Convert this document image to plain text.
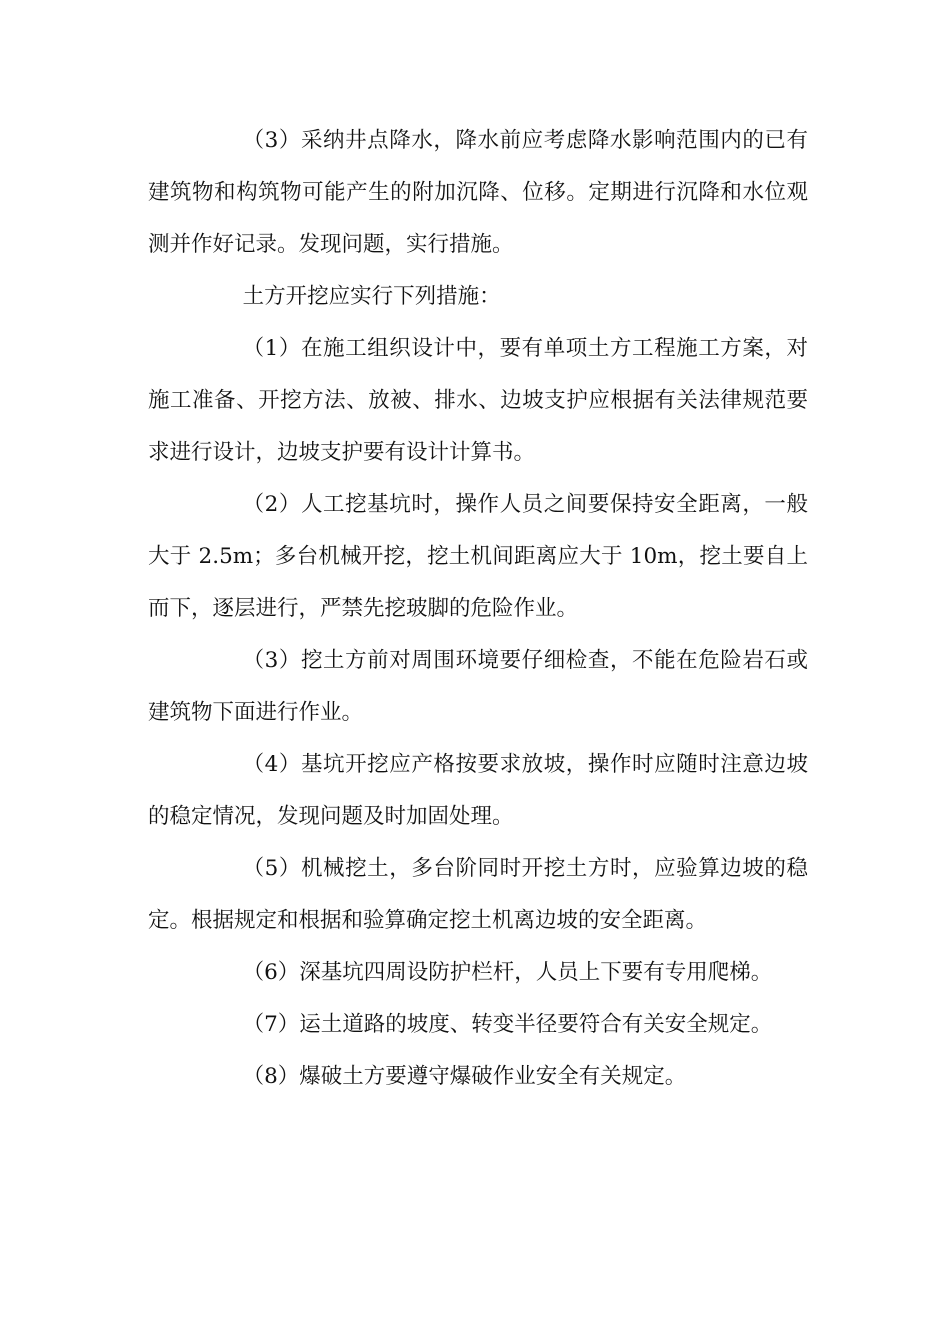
（3）采纳井点降水，降水前应考虑降水影响范围内的已有建筑物和构筑物可能产生的附加沉降、位移。定期进行沉降和水位观测并作好记录。发现问题，实行措施。

土方开挖应实行下列措施：

（1）在施工组织设计中，要有单项土方工程施工方案，对施工准备、开挖方法、放被、排水、边坡支护应根据有关法律规范要求进行设计，边坡支护要有设计计算书。

（2）人工挖基坑时，操作人员之间要保持安全距离，一般大于 2.5m；多台机械开挖，挖土机间距离应大于 10m，挖土要自上而下，逐层进行，严禁先挖玻脚的危险作业。

（3）挖土方前对周围环境要仔细检查，不能在危险岩石或建筑物下面进行作业。

（4）基坑开挖应产格按要求放坡，操作时应随时注意边坡的稳定情况，发现问题及时加固处理。

（5）机械挖土，多台阶同时开挖土方时，应验算边坡的稳定。根据规定和根据和验算确定挖土机离边坡的安全距离。

（6）深基坑四周设防护栏杆，人员上下要有专用爬梯。

（7）运土道路的坡度、转变半径要符合有关安全规定。

（8）爆破土方要遵守爆破作业安全有关规定。
